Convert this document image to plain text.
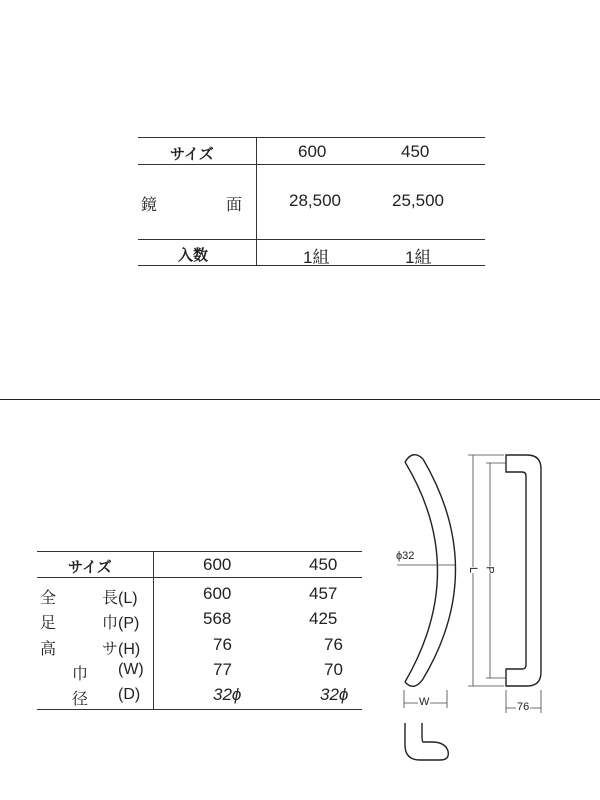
サイズ	600	450
鏡	面	28,500	25,500
入数	1組	1組
サイズ	600	450
全	長(L)	600	457
足	巾(P)	568	425
高	サ(H)	76	76
巾 (W)	77	70
径 (D)	32ϕ	32ϕ
ϕ32
L P
W	76
